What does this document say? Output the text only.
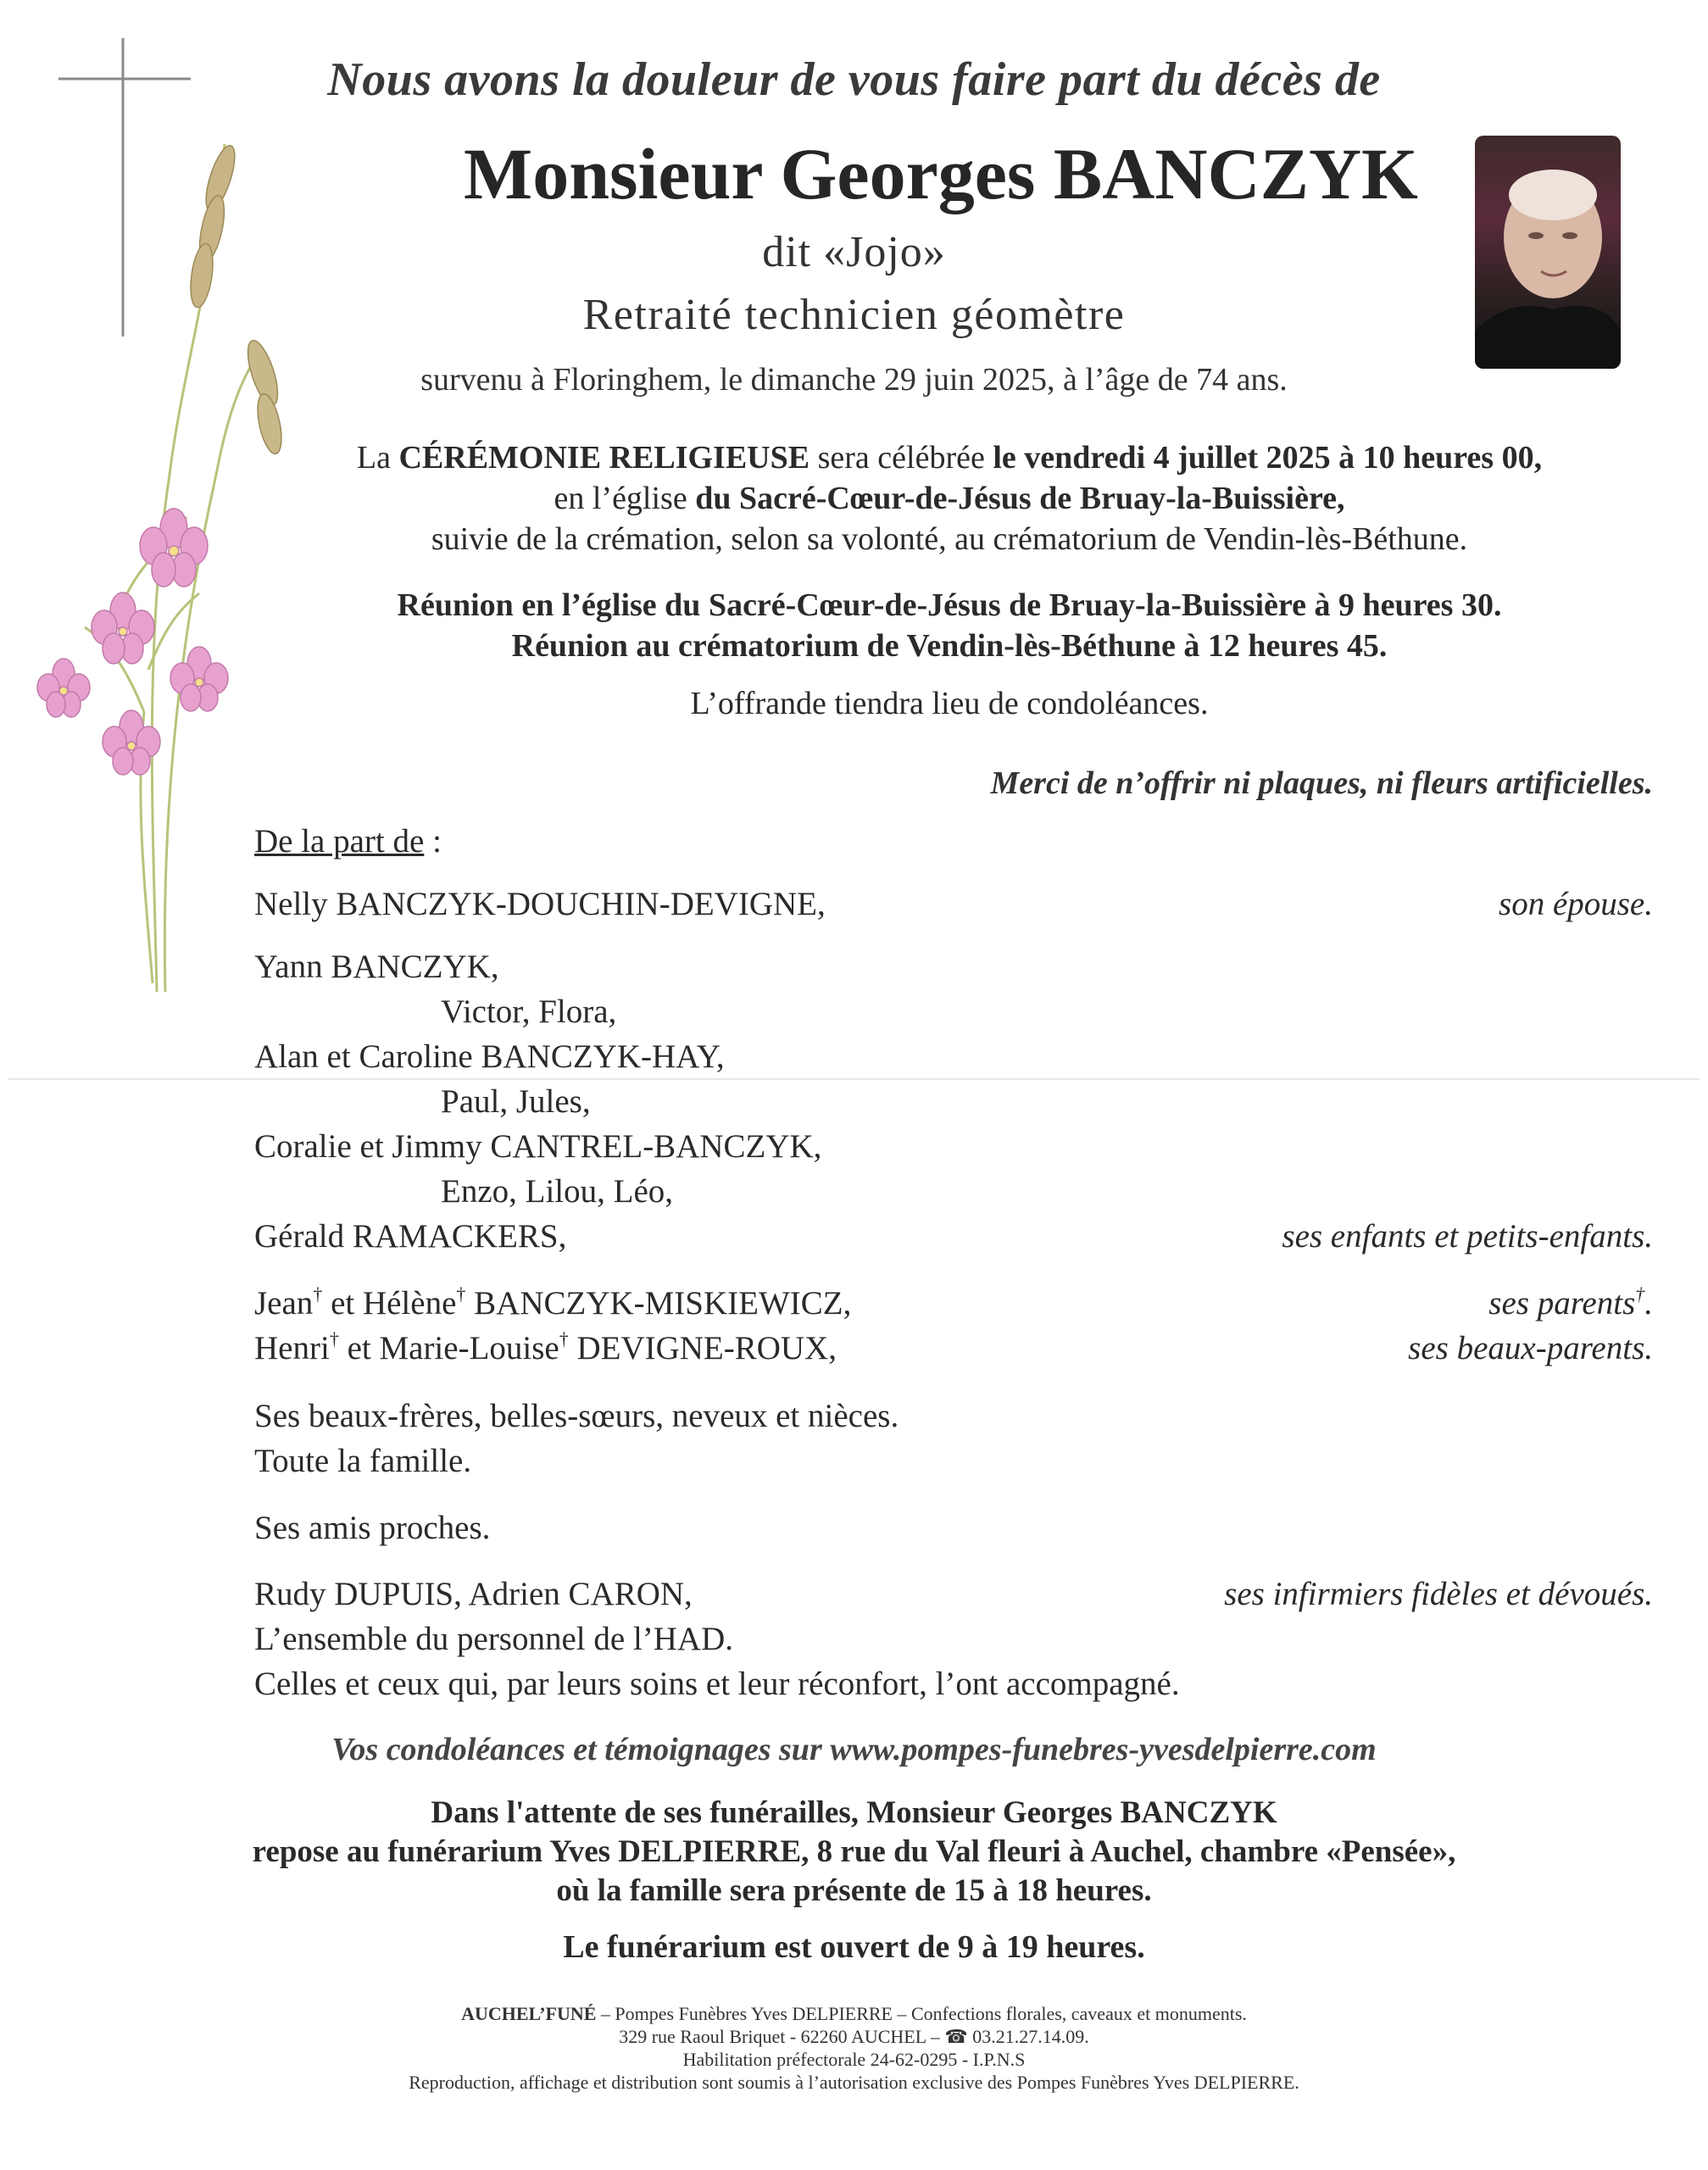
Nous avons la douleur de vous faire part du décès de
Monsieur Georges BANCZYK
dit «Jojo»
Retraité technicien géomètre
survenu à Floringhem, le dimanche 29 juin 2025, à l’âge de 74 ans.
La CÉRÉMONIE RELIGIEUSE sera célébrée le vendredi 4 juillet 2025 à 10 heures 00,
en l’église du Sacré-Cœur-de-Jésus de Bruay-la-Buissière,
suivie de la crémation, selon sa volonté, au crématorium de Vendin-lès-Béthune.
Réunion en l’église du Sacré-Cœur-de-Jésus de Bruay-la-Buissière à 9 heures 30.
Réunion au crématorium de Vendin-lès-Béthune à 12 heures 45.
L’offrande tiendra lieu de condoléances.
Merci de n’offrir ni plaques, ni fleurs artificielles.
De la part de :
Nelly BANCZYK-DOUCHIN-DEVIGNE,	son épouse.
Yann BANCZYK,
Victor, Flora,
Alan et Caroline BANCZYK-HAY,
Paul, Jules,
Coralie et Jimmy CANTREL-BANCZYK,
Enzo, Lilou, Léo,
Gérald RAMACKERS,	ses enfants et petits-enfants.
Jean† et Hélène† BANCZYK-MISKIEWICZ,	ses parents†.
Henri† et Marie-Louise† DEVIGNE-ROUX,	ses beaux-parents.
Ses beaux-frères, belles-sœurs, neveux et nièces.
Toute la famille.
Ses amis proches.
Rudy DUPUIS, Adrien CARON,	ses infirmiers fidèles et dévoués.
L’ensemble du personnel de l’HAD.
Celles et ceux qui, par leurs soins et leur réconfort, l’ont accompagné.
Vos condoléances et témoignages sur www.pompes-funebres-yvesdelpierre.com
Dans l'attente de ses funérailles, Monsieur Georges BANCZYK
repose au funérarium Yves DELPIERRE, 8 rue du Val fleuri à Auchel, chambre «Pensée»,
où la famille sera présente de 15 à 18 heures.
Le funérarium est ouvert de 9 à 19 heures.
AUCHEL’FUNÉ – Pompes Funèbres Yves DELPIERRE – Confections florales, caveaux et monuments.
329 rue Raoul Briquet - 62260 AUCHEL – ☎ 03.21.27.14.09.
Habilitation préfectorale 24-62-0295 - I.P.N.S
Reproduction, affichage et distribution sont soumis à l’autorisation exclusive des Pompes Funèbres Yves DELPIERRE.
